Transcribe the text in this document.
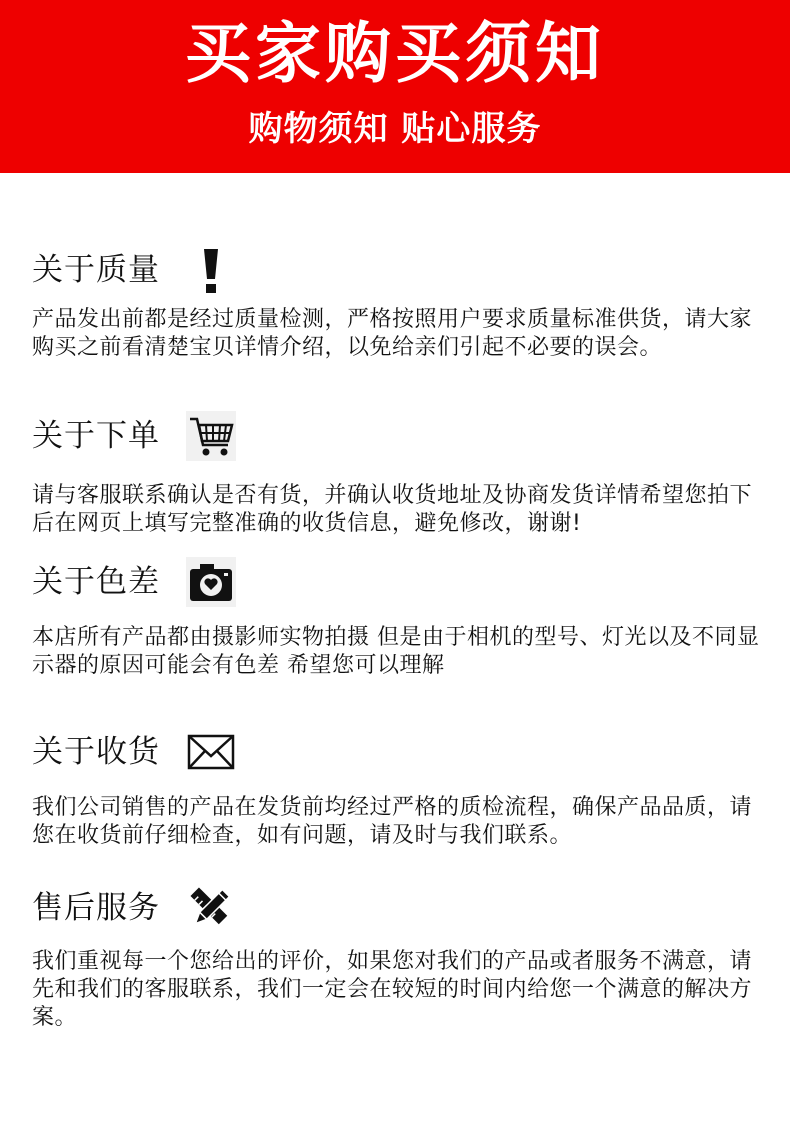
买家购买须知
购物须知 贴心服务
关于质量
产品发出前都是经过质量检测，严格按照用户要求质量标准供货，请大家购买之前看清楚宝贝详情介绍，以免给亲们引起不必要的误会。
关于下单
请与客服联系确认是否有货，并确认收货地址及协商发货详情希望您拍下后在网页上填写完整准确的收货信息，避免修改，谢谢!
关于色差
本店所有产品都由摄影师实物拍摄 但是由于相机的型号、灯光以及不同显示器的原因可能会有色差 希望您可以理解
关于收货
我们公司销售的产品在发货前均经过严格的质检流程，确保产品品质，请您在收货前仔细检查，如有问题，请及时与我们联系。
售后服务
我们重视每一个您给出的评价，如果您对我们的产品或者服务不满意，请先和我们的客服联系，我们一定会在较短的时间内给您一个满意的解决方案。
